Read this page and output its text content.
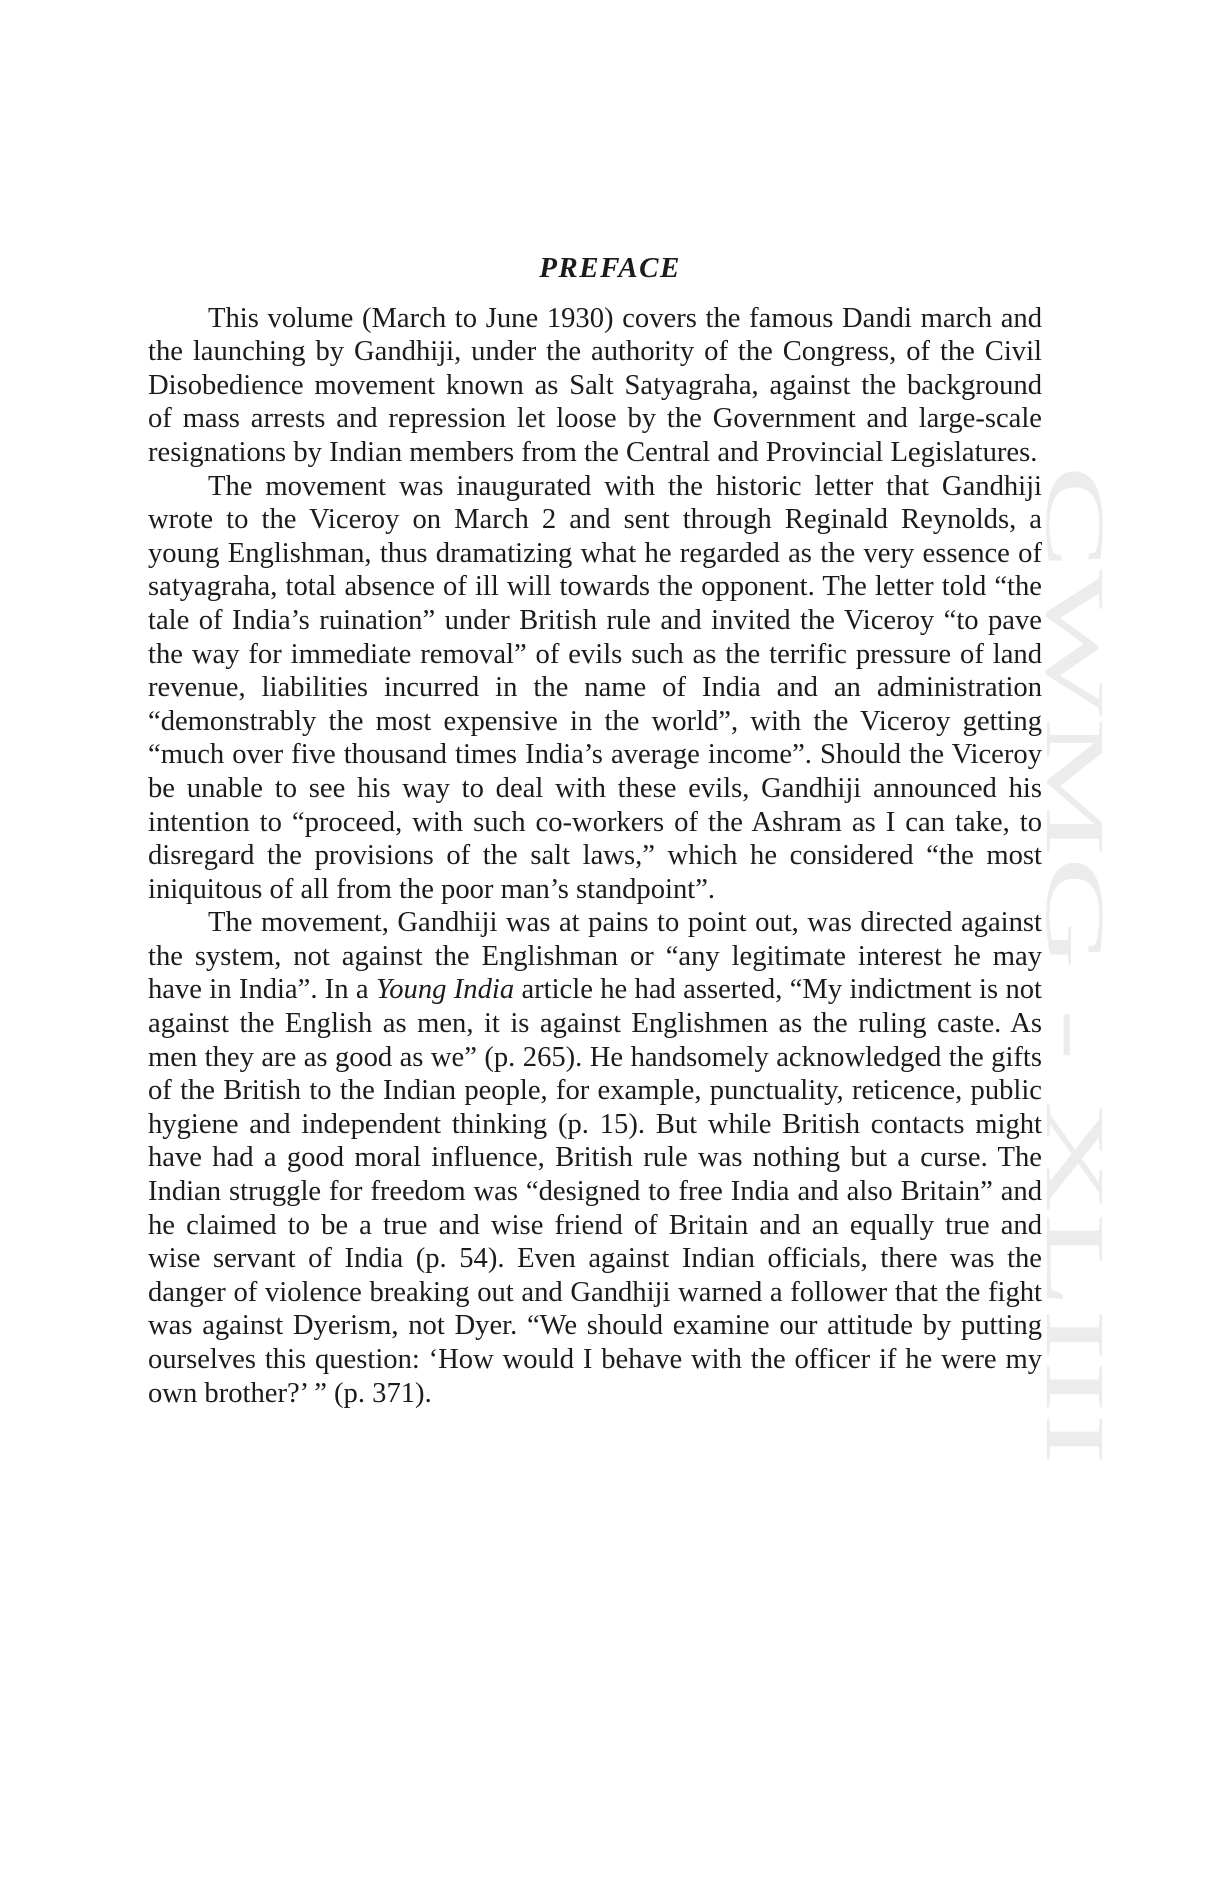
CWMG - XLIII
PREFACE

This volume (March to June 1930) covers the famous Dandi march and the launching by Gandhiji, under the authority of the Congress, of the Civil Disobedience movement known as Salt Satyagraha, against the background of mass arrests and repression let loose by the Government and large-scale resignations by Indian members from the Central and Provincial Legislatures.

The movement was inaugurated with the historic letter that Gandhiji wrote to the Viceroy on March 2 and sent through Reginald Reynolds, a young Englishman, thus dramatizing what he regarded as the very essence of satyagraha, total absence of ill will towards the opponent. The letter told “the tale of India’s ruination” under British rule and invited the Viceroy “to pave the way for immediate removal” of evils such as the terrific pressure of land revenue, liabilities incurred in the name of India and an administration “demonstrably the most expensive in the world”, with the Viceroy getting “much over five thousand times India’s average income”. Should the Viceroy be unable to see his way to deal with these evils, Gandhiji announced his intention to “proceed, with such co-workers of the Ashram as I can take, to disregard the provisions of the salt laws,” which he considered “the most iniquitous of all from the poor man’s standpoint”.

The movement, Gandhiji was at pains to point out, was directed against the system, not against the Englishman or “any legitimate interest he may have in India”. In a Young India article he had asserted, “My indictment is not against the English as men, it is against Englishmen as the ruling caste. As men they are as good as we” (p. 265). He handsomely acknowledged the gifts of the British to the Indian people, for example, punctuality, reticence, public hygiene and independent thinking (p. 15). But while British contacts might have had a good moral influence, British rule was nothing but a curse. The Indian struggle for freedom was “designed to free India and also Britain” and he claimed to be a true and wise friend of Britain and an equally true and wise servant of India (p. 54). Even against Indian officials, there was the danger of violence breaking out and Gandhiji warned a follower that the fight was against Dyerism, not Dyer. “We should examine our attitude by putting ourselves this question: ‘How would I behave with the officer if he were my own brother?’ ” (p. 371).
